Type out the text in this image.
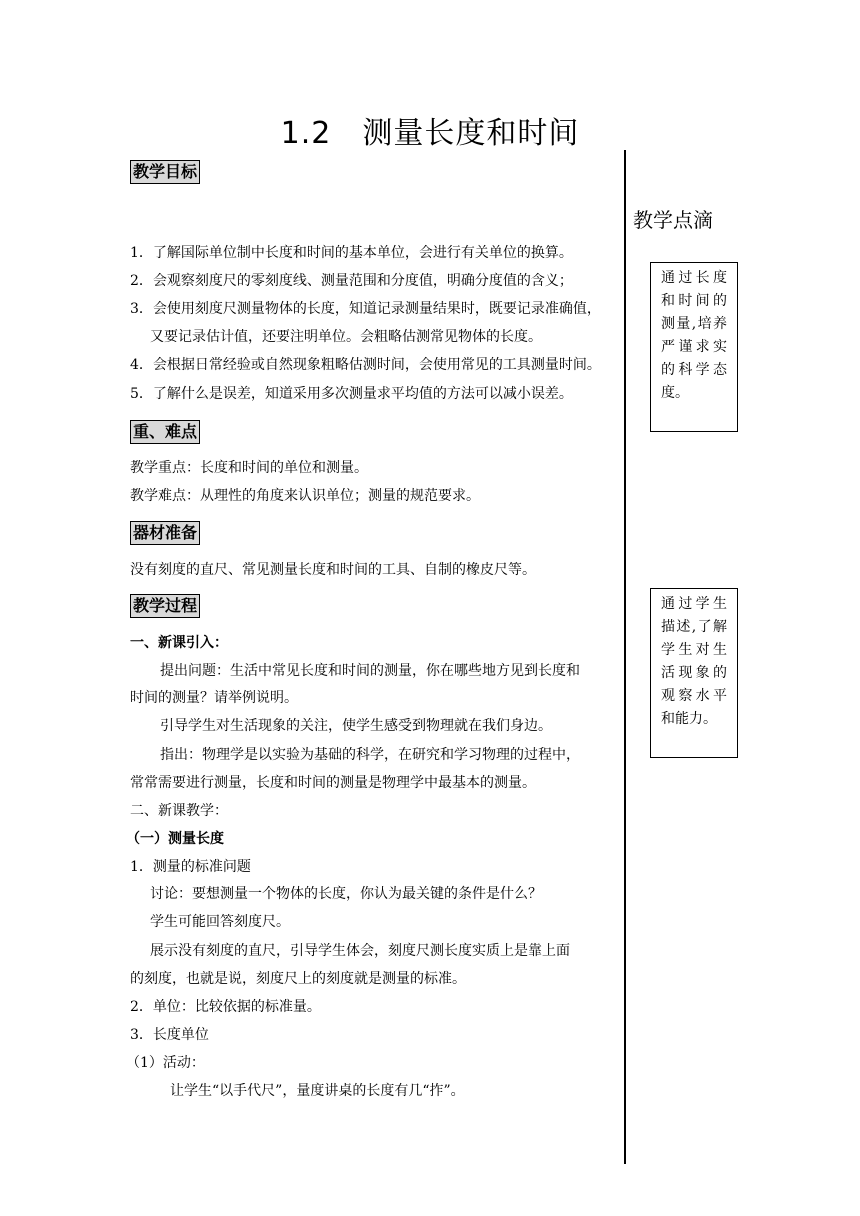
1.2　测量长度和时间
教学目标
1．了解国际单位制中长度和时间的基本单位，会进行有关单位的换算。
2．会观察刻度尺的零刻度线、测量范围和分度值，明确分度值的含义；
3．会使用刻度尺测量物体的长度，知道记录测量结果时，既要记录准确值，
又要记录估计值，还要注明单位。会粗略估测常见物体的长度。
4．会根据日常经验或自然现象粗略估测时间，会使用常见的工具测量时间。
5．了解什么是误差，知道采用多次测量求平均值的方法可以减小误差。
重、难点
教学重点：长度和时间的单位和测量。
教学难点：从理性的角度来认识单位；测量的规范要求。
器材准备
没有刻度的直尺、常见测量长度和时间的工具、自制的橡皮尺等。
教学过程
一、新课引入：
提出问题：生活中常见长度和时间的测量，你在哪些地方见到长度和
时间的测量？请举例说明。
引导学生对生活现象的关注，使学生感受到物理就在我们身边。
指出：物理学是以实验为基础的科学，在研究和学习物理的过程中，
常常需要进行测量，长度和时间的测量是物理学中最基本的测量。
二、新课教学：
（一）测量长度
1．测量的标准问题
讨论：要想测量一个物体的长度，你认为最关键的条件是什么？
学生可能回答刻度尺。
展示没有刻度的直尺，引导学生体会，刻度尺测长度实质上是靠上面
的刻度，也就是说，刻度尺上的刻度就是测量的标准。
2．单位：比较依据的标准量。
3．长度单位
（1）活动：
让学生“以手代尺”，量度讲桌的长度有几“拃”。
教学点滴
通过长度
和时间的
测量,培养
严谨求实
的科学态
度。
通过学生
描述,了解
学生对生
活现象的
观察水平
和能力。
